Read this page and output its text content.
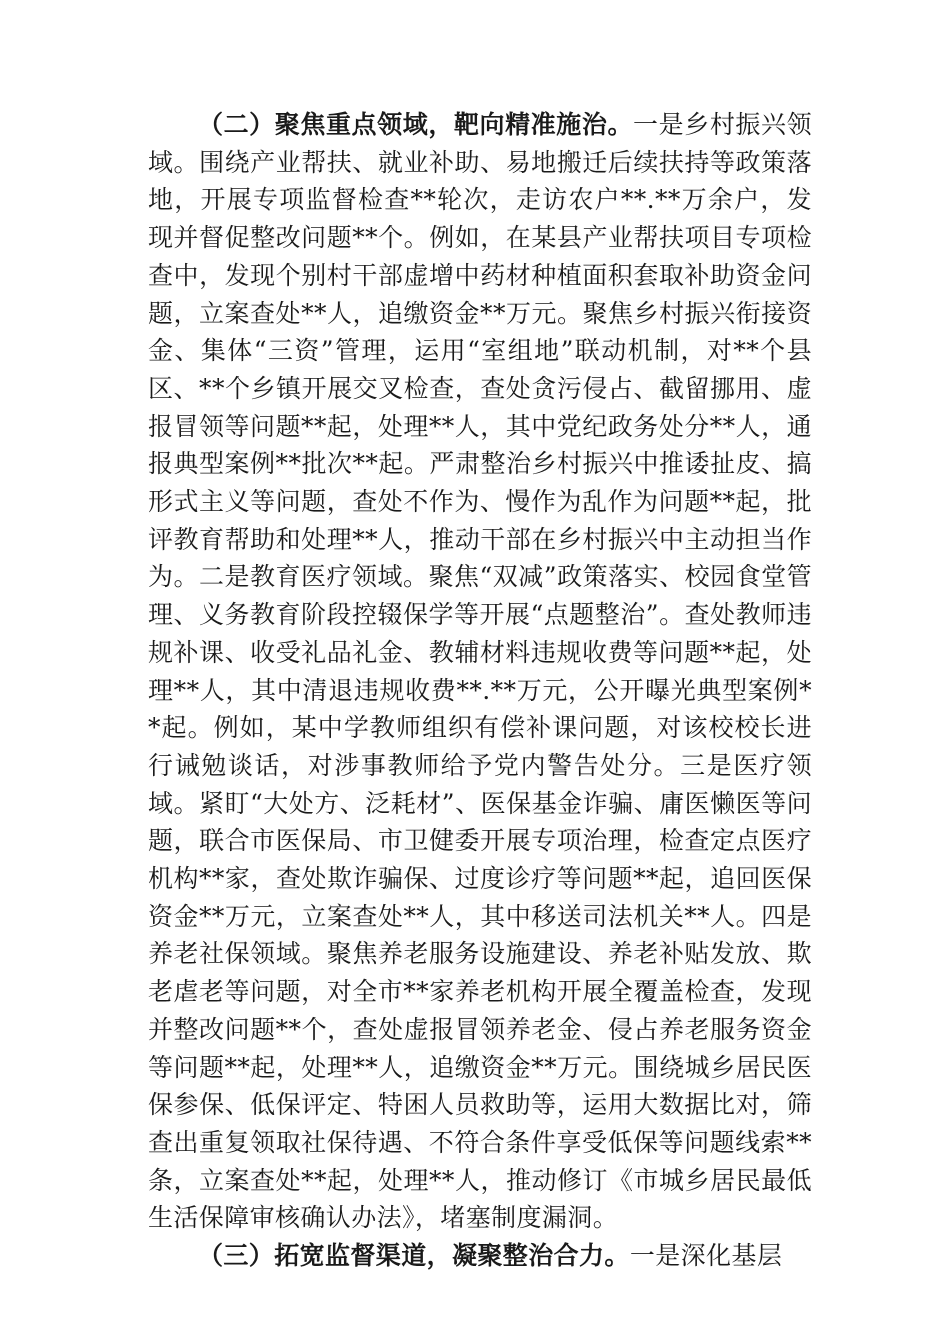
（二）聚焦重点领域，靶向精准施治。一是乡村振兴领域。围绕产业帮扶、就业补助、易地搬迁后续扶持等政策落地，开展专项监督检查**轮次，走访农户**.**万余户，发现并督促整改问题**个。例如，在某县产业帮扶项目专项检查中，发现个别村干部虚增中药材种植面积套取补助资金问题，立案查处**人，追缴资金**万元。聚焦乡村振兴衔接资金、集体“三资”管理，运用“室组地”联动机制，对**个县区、**个乡镇开展交叉检查，查处贪污侵占、截留挪用、虚报冒领等问题**起，处理**人，其中党纪政务处分**人，通报典型案例**批次**起。严肃整治乡村振兴中推诿扯皮、搞形式主义等问题，查处不作为、慢作为乱作为问题**起，批评教育帮助和处理**人，推动干部在乡村振兴中主动担当作为。二是教育医疗领域。聚焦“双减”政策落实、校园食堂管理、义务教育阶段控辍保学等开展“点题整治”。查处教师违规补课、收受礼品礼金、教辅材料违规收费等问题**起，处理**人，其中清退违规收费**.**万元，公开曝光典型案例**起。例如，某中学教师组织有偿补课问题，对该校校长进行诫勉谈话，对涉事教师给予党内警告处分。三是医疗领域。紧盯“大处方、泛耗材”、医保基金诈骗、庸医懒医等问题，联合市医保局、市卫健委开展专项治理，检查定点医疗机构**家，查处欺诈骗保、过度诊疗等问题**起，追回医保资金**万元，立案查处**人，其中移送司法机关**人。四是养老社保领域。聚焦养老服务设施建设、养老补贴发放、欺老虐老等问题，对全市**家养老机构开展全覆盖检查，发现并整改问题**个，查处虚报冒领养老金、侵占养老服务资金等问题**起，处理**人，追缴资金**万元。围绕城乡居民医保参保、低保评定、特困人员救助等，运用大数据比对，筛查出重复领取社保待遇、不符合条件享受低保等问题线索**条，立案查处**起，处理**人，推动修订《市城乡居民最低生活保障审核确认办法》，堵塞制度漏洞。

（三）拓宽监督渠道，凝聚整治合力。一是深化基层
